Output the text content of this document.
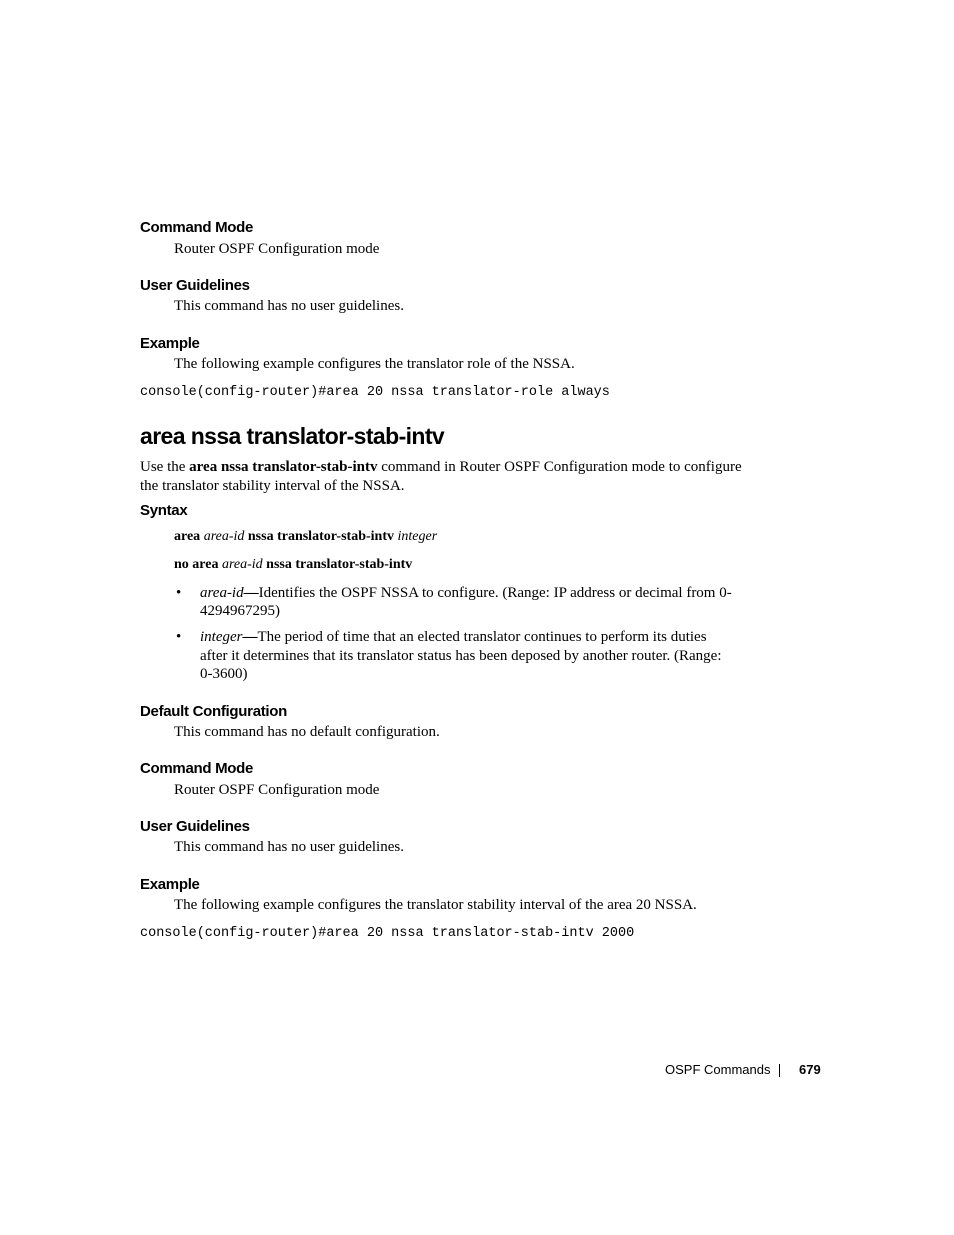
Command Mode
Router OSPF Configuration mode
User Guidelines
This command has no user guidelines.
Example
The following example configures the translator role of the NSSA.
console(config-router)#area 20 nssa translator-role always
area nssa translator-stab-intv
Use the area nssa translator-stab-intv command in Router OSPF Configuration mode to configure
the translator stability interval of the NSSA.
Syntax
area area-id nssa translator-stab-intv integer
no area area-id nssa translator-stab-intv
• area-id—Identifies the OSPF NSSA to configure. (Range: IP address or decimal from 0-
4294967295)
• integer—The period of time that an elected translator continues to perform its duties
after it determines that its translator status has been deposed by another router. (Range:
0-3600)
Default Configuration
This command has no default configuration.
Command Mode
Router OSPF Configuration mode
User Guidelines
This command has no user guidelines.
Example
The following example configures the translator stability interval of the area 20 NSSA.
console(config-router)#area 20 nssa translator-stab-intv 2000
OSPF Commands 679
